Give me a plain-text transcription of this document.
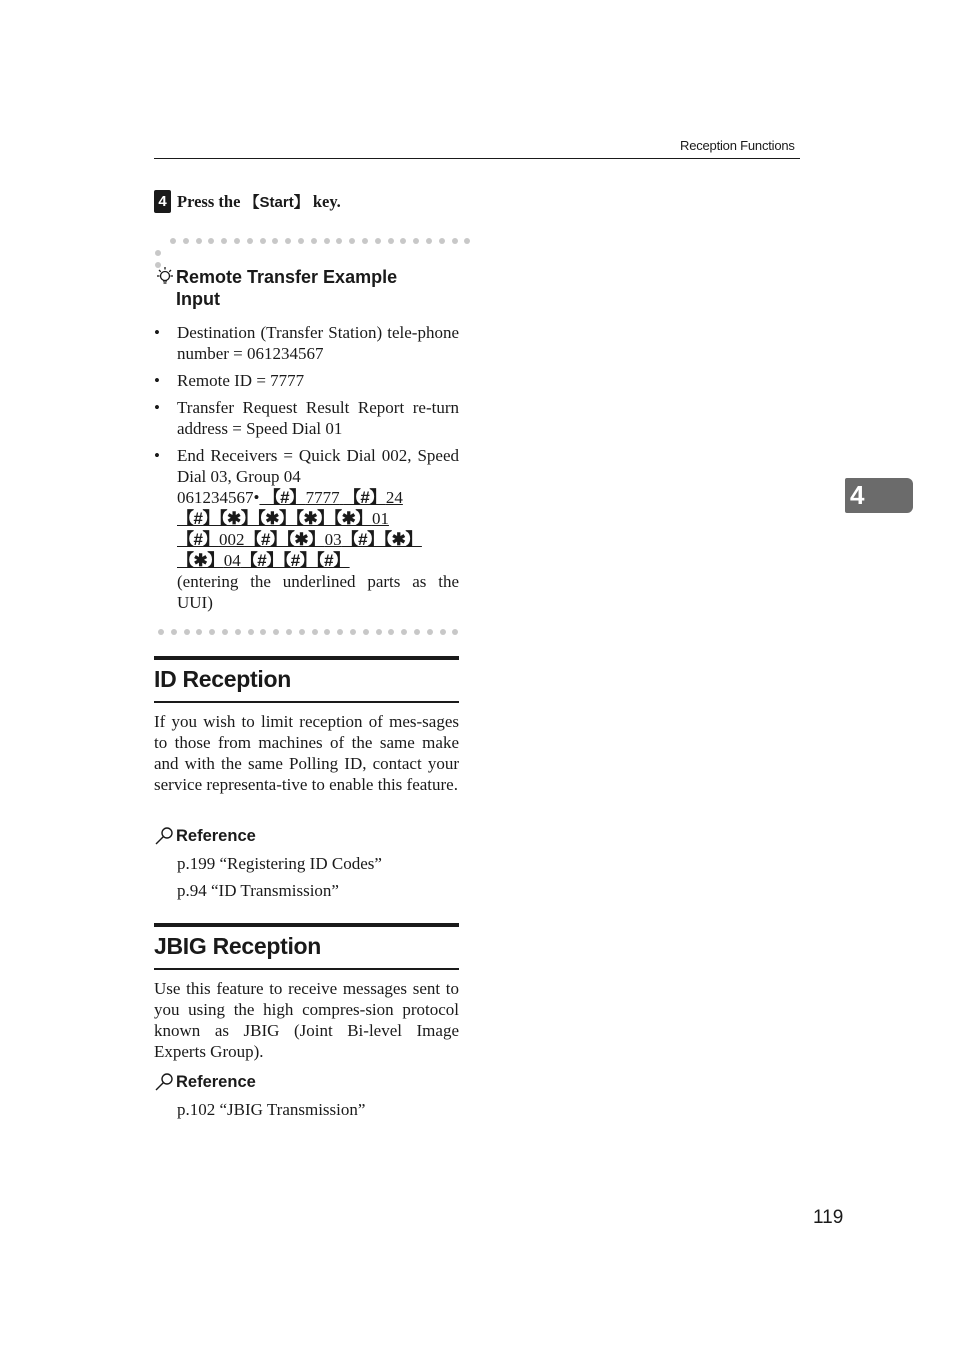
Reception Functions
4 Press the 【Start】 key.
Remote Transfer Example Input
• Destination (Transfer Station) tele-phone number = 061234567
• Remote ID = 7777
• Transfer Request Result Report re-turn address = Speed Dial 01
• End Receivers = Quick Dial 002, Speed Dial 03, Group 04
061234567• 【#】7777 【#】24
【#】【✱】【✱】【✱】【✱】01
【#】002【#】【✱】03【#】【✱】
【✱】04【#】【#】【#】
(entering the underlined parts as the UUI)
ID Reception
If you wish to limit reception of mes-sages to those from machines of the same make and with the same Polling ID, contact your service representa-tive to enable this feature.
Reference
p.199 “Registering ID Codes”
p.94 “ID Transmission”
JBIG Reception
Use this feature to receive messages sent to you using the high compres-sion protocol known as JBIG (Joint Bi-level Image Experts Group).
Reference
p.102 “JBIG Transmission”
4
119
